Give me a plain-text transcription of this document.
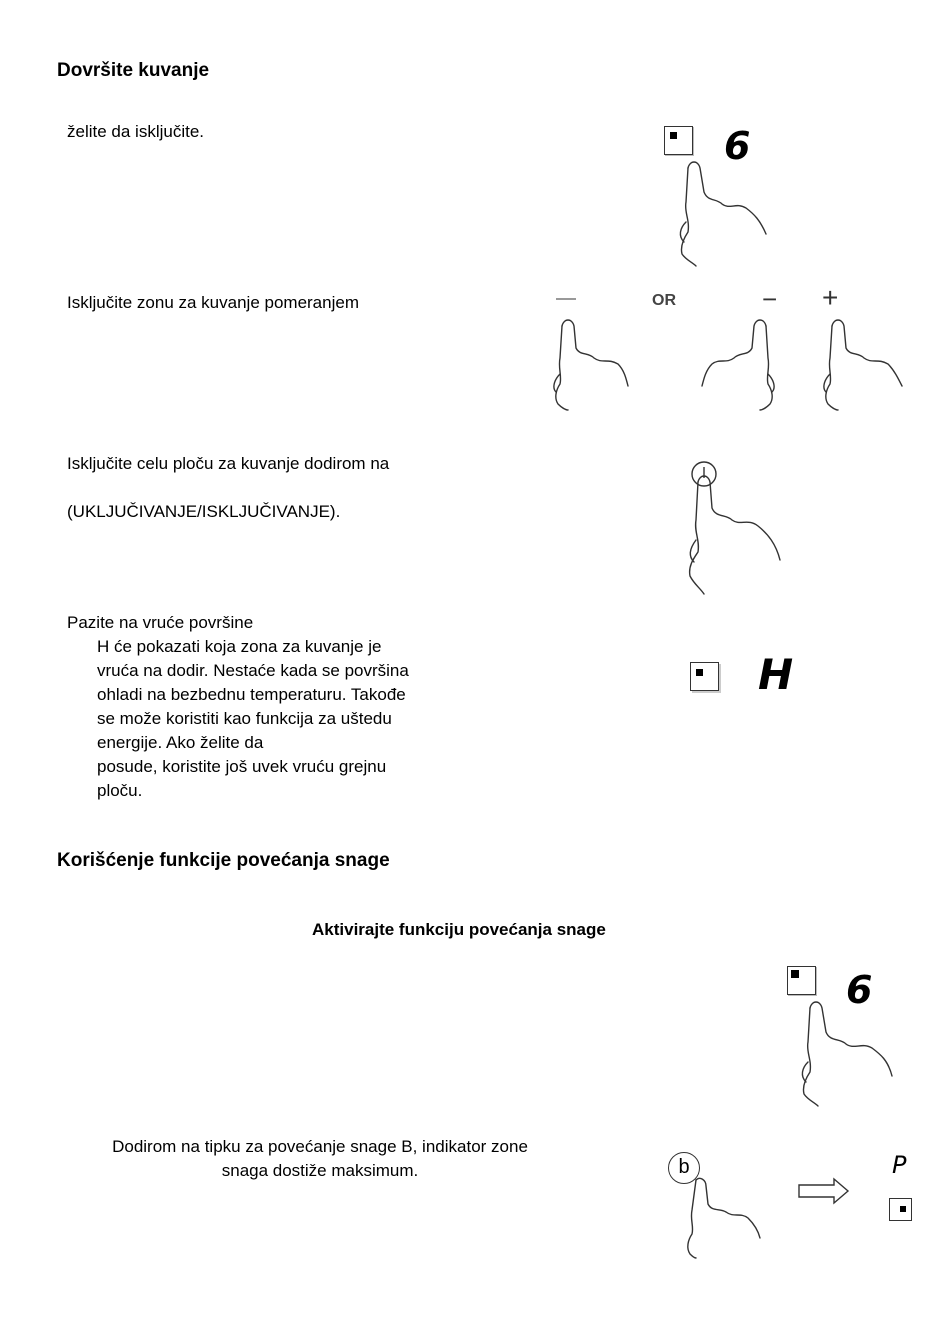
Dovršite kuvanje
želite da isključite.	6
Isključite zonu za kuvanje pomeranjem	OR	− +
Isključite celu ploču za kuvanje dodirom na
(UKLJUČIVANJE/ISKLJUČIVANJE).
Pazite na vruće površine
H će pokazati koja zona za kuvanje je
vruća na dodir. Nestaće kada se površina
ohladi na bezbednu temperaturu. Takođe
se može koristiti kao funkcija za uštedu
energije. Ako želite da
posude, koristite još uvek vruću grejnu
ploču.
H
Korišćenje funkcije povećanja snage
Aktivirajte funkciju povećanja snage
6
Dodirom na tipku za povećanje snage B, indikator zone
snaga dostiže maksimum.	b	P
